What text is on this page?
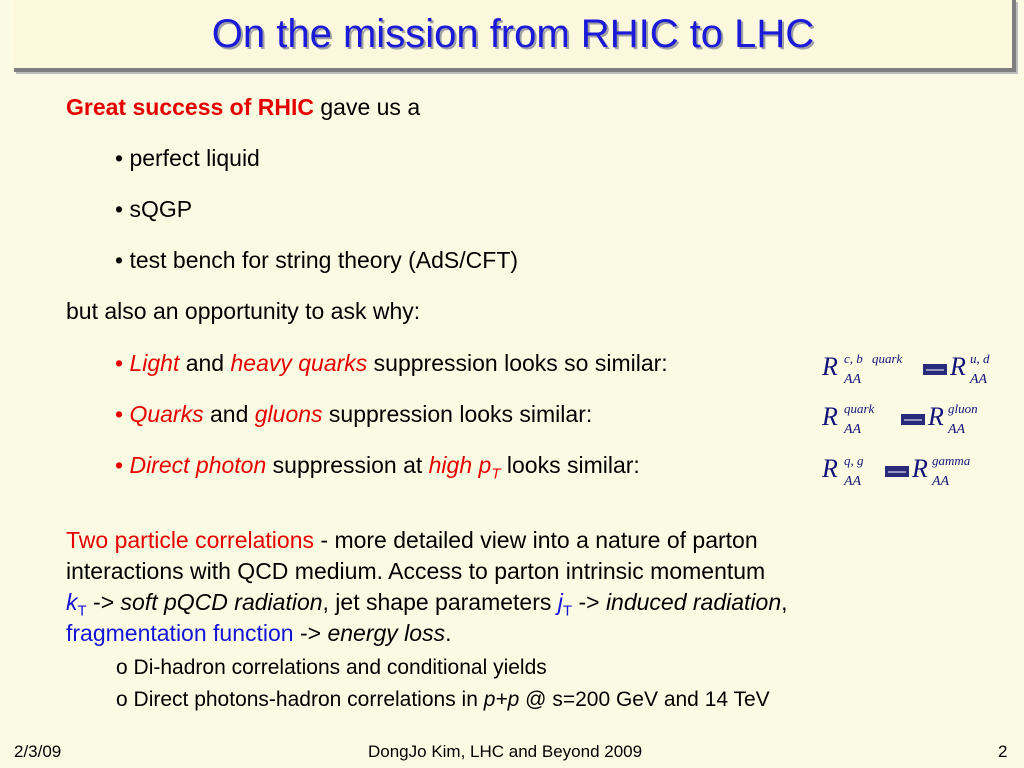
On the mission from RHIC to LHC
Great success of RHIC gave us a
• perfect liquid
• sQGP
• test bench for string theory (AdS/CFT)
but also an opportunity to ask why:
• Light and heavy quarks suppression looks so similar:
• Quarks and gluons suppression looks similar:
• Direct photon suppression at high $p_T$ looks similar:
R c, b quark
AA	R u, d
AA
R quark
AA	R gluon
AA
R q, g
AA R gamma
AA
Two particle correlations - more detailed view into a nature of parton
interactions with QCD medium. Access to parton intrinsic momentum
$k_T$ -> soft pQCD radiation, jet shape parameters $j_T$ -> induced radiation,
fragmentation function -> energy loss.
o Di-hadron correlations and conditional yields
o Direct photons-hadron correlations in p+p @ s=200 GeV and 14 TeV
2/3/09	DongJo Kim, LHC and Beyond 2009	2
